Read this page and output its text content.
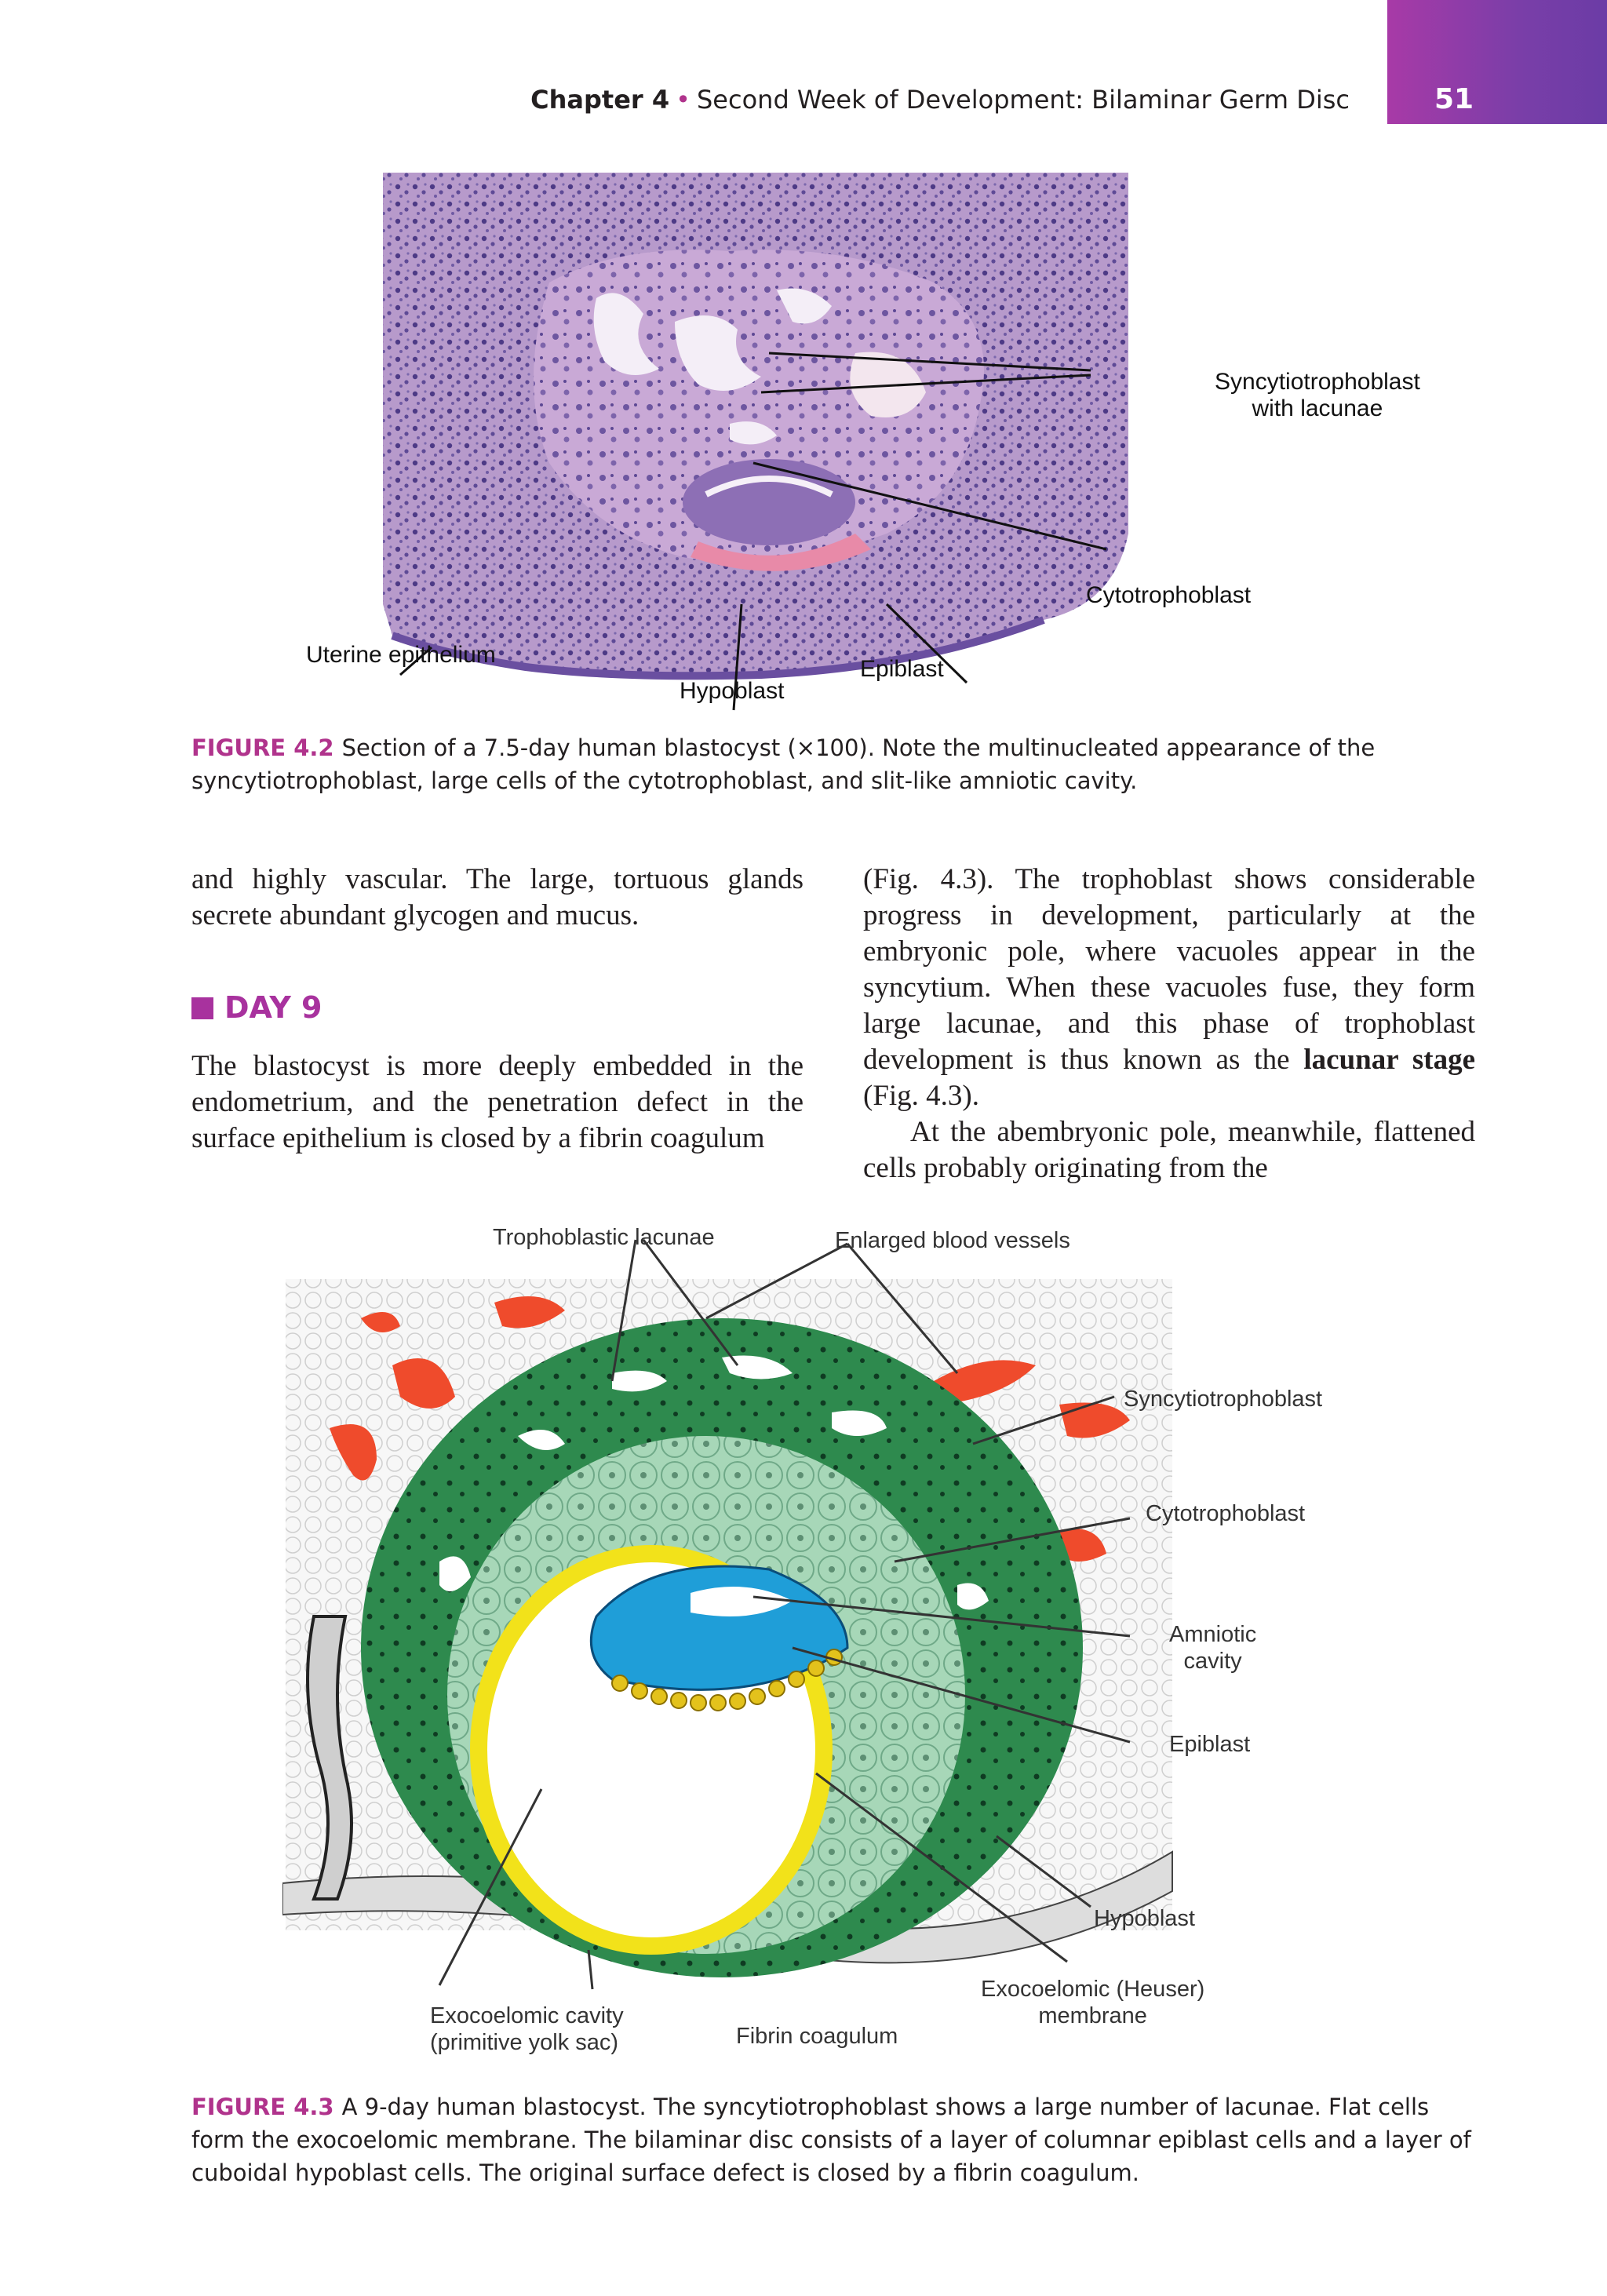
Chapter 4 • Second Week of Development: Bilaminar Germ Disc	51
Syncytiotrophoblast
with lacunae
Cytotrophoblast
Uterine epithelium
Hypoblast
Epiblast
FIGURE 4.2 Section of a 7.5-day human blastocyst (×100). Note the multinucleated appearance of the syncytiotrophoblast, large cells of the cytotrophoblast, and slit-like amniotic cavity.

and highly vascular. The large, tortuous glands secrete abundant glycogen and mucus.

DAY 9

The blastocyst is more deeply embedded in the endometrium, and the penetration defect in the surface epithelium is closed by a fibrin coagulum

(Fig. 4.3). The trophoblast shows considerable progress in development, particularly at the embryonic pole, where vacuoles appear in the syncytium. When these vacuoles fuse, they form large lacunae, and this phase of trophoblast development is thus known as the lacunar stage (Fig. 4.3).

At the abembryonic pole, meanwhile, flattened cells probably originating from the

Trophoblastic lacunae	Enlarged blood vessels
Syncytiotrophoblast
Cytotrophoblast
Amniotic
cavity
Epiblast
Hypoblast
Exocoelomic (Heuser)
membrane
Exocoelomic cavity
(primitive yolk sac)	Fibrin coagulum
FIGURE 4.3 A 9-day human blastocyst. The syncytiotrophoblast shows a large number of lacunae. Flat cells form the exocoelomic membrane. The bilaminar disc consists of a layer of columnar epiblast cells and a layer of cuboidal hypoblast cells. The original surface defect is closed by a fibrin coagulum.
